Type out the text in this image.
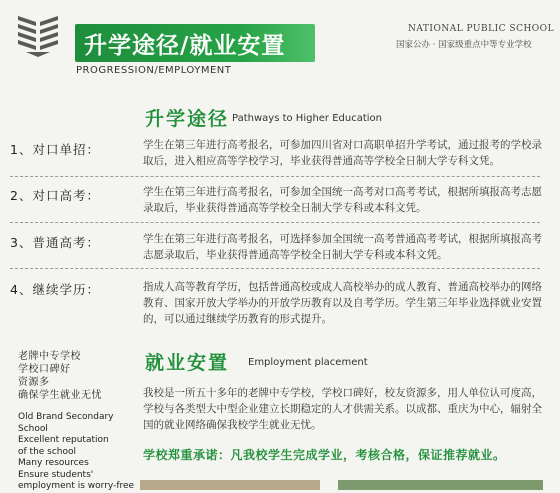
升学途径/就业安置
PROGRESSION/EMPLOYMENT
NATIONAL PUBLIC SCHOOL
国家公办 · 国家级重点中等专业学校
升学途径 Pathways to Higher Education
1、对口单招：	学生在第三年进行高考报名，可参加四川省对口高职单招升学考试，通过报考的学校录取后，进入相应高等学校学习，毕业获得普通高等学校全日制大学专科文凭。
2、对口高考：	学生在第三年进行高考报名，可参加全国统一高考对口高考考试，根据所填报高考志愿录取后，毕业获得普通高等学校全日制大学专科或本科文凭。
3、普通高考：	学生在第三年进行高考报名，可选择参加全国统一高考普通高考考试，根据所填报高考志愿录取后，毕业获得普通高等学校全日制大学专科或本科文凭。
4、继续学历：	指成人高等教育学历，包括普通高校或成人高校举办的成人教育、普通高校举办的网络教育、国家开放大学举办的开放学历教育以及自考学历。学生第三年毕业选择就业安置的，可以通过继续学历教育的形式提升。
老牌中专学校
学校口碑好
资源多
确保学生就业无忧
Old Brand Secondary
School
Excellent reputation
of the school
Many resources
Ensure students'
employment is worry-free
就业安置 Employment placement
我校是一所五十多年的老牌中专学校，学校口碑好，校友资源多，用人单位认可度高，学校与各类型大中型企业建立长期稳定的人才供需关系。以成都、重庆为中心，辐射全国的就业网络确保我校学生就业无忧。
学校郑重承诺：凡我校学生完成学业，考核合格，保证推荐就业。
